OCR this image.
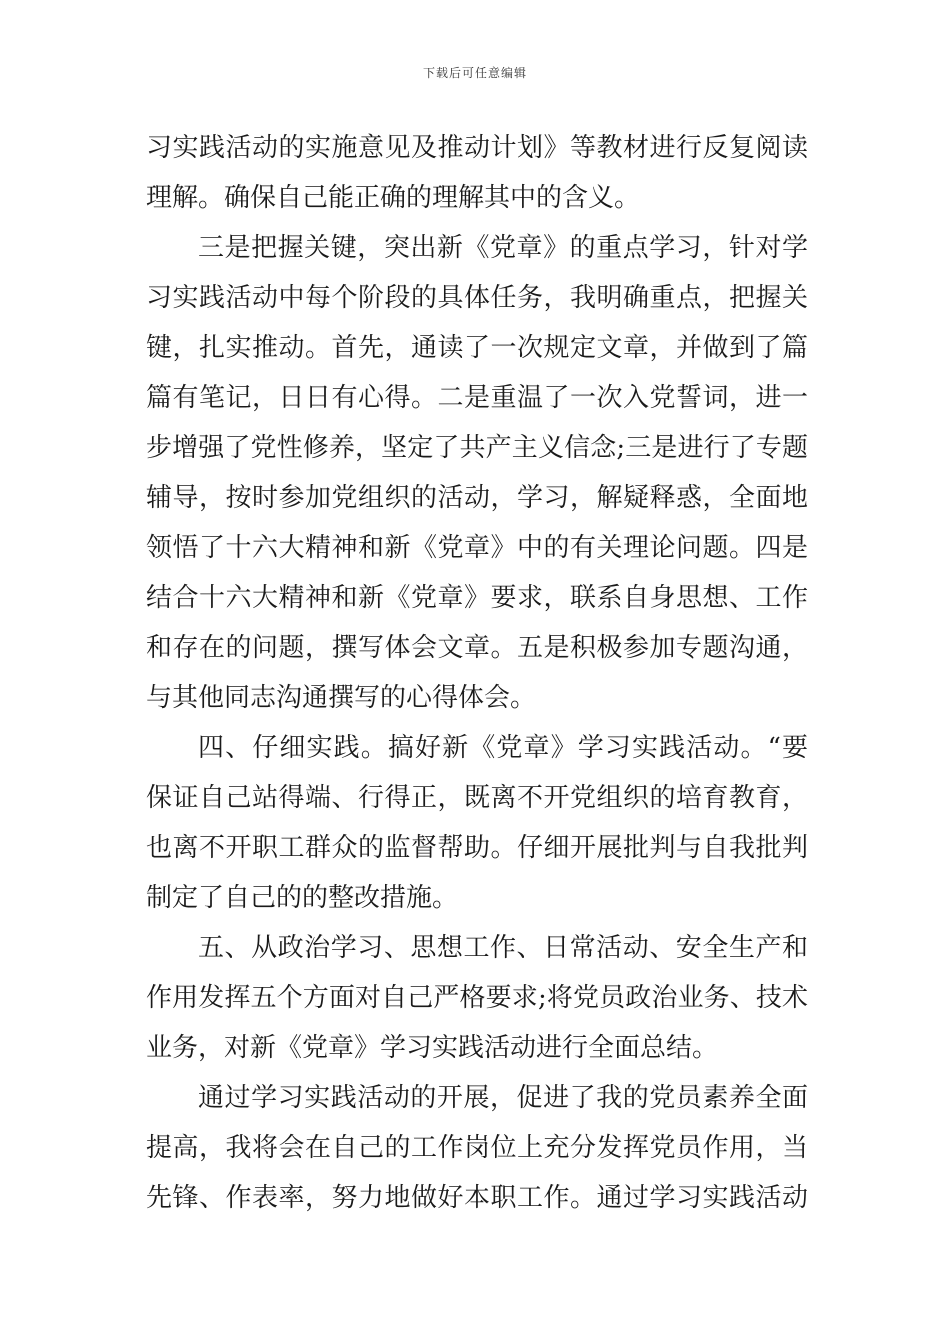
下载后可任意编辑
习实践活动的实施意见及推动计划》等教材进行反复阅读
理解。确保自己能正确的理解其中的含义。
三是把握关键，突出新《党章》的重点学习，针对学
习实践活动中每个阶段的具体任务，我明确重点，把握关
键，扎实推动。首先，通读了一次规定文章，并做到了篇
篇有笔记，日日有心得。二是重温了一次入党誓词，进一
步增强了党性修养，坚定了共产主义信念;三是进行了专题
辅导，按时参加党组织的活动，学习，解疑释惑，全面地
领悟了十六大精神和新《党章》中的有关理论问题。四是
结合十六大精神和新《党章》要求，联系自身思想、工作
和存在的问题，撰写体会文章。五是积极参加专题沟通，
与其他同志沟通撰写的心得体会。
四、仔细实践。搞好新《党章》学习实践活动。“要
保证自己站得端、行得正，既离不开党组织的培育教育，
也离不开职工群众的监督帮助。仔细开展批判与自我批判
制定了自己的的整改措施。
五、从政治学习、思想工作、日常活动、安全生产和
作用发挥五个方面对自己严格要求;将党员政治业务、技术
业务，对新《党章》学习实践活动进行全面总结。
通过学习实践活动的开展，促进了我的党员素养全面
提高，我将会在自己的工作岗位上充分发挥党员作用，当
先锋、作表率，努力地做好本职工作。通过学习实践活动
